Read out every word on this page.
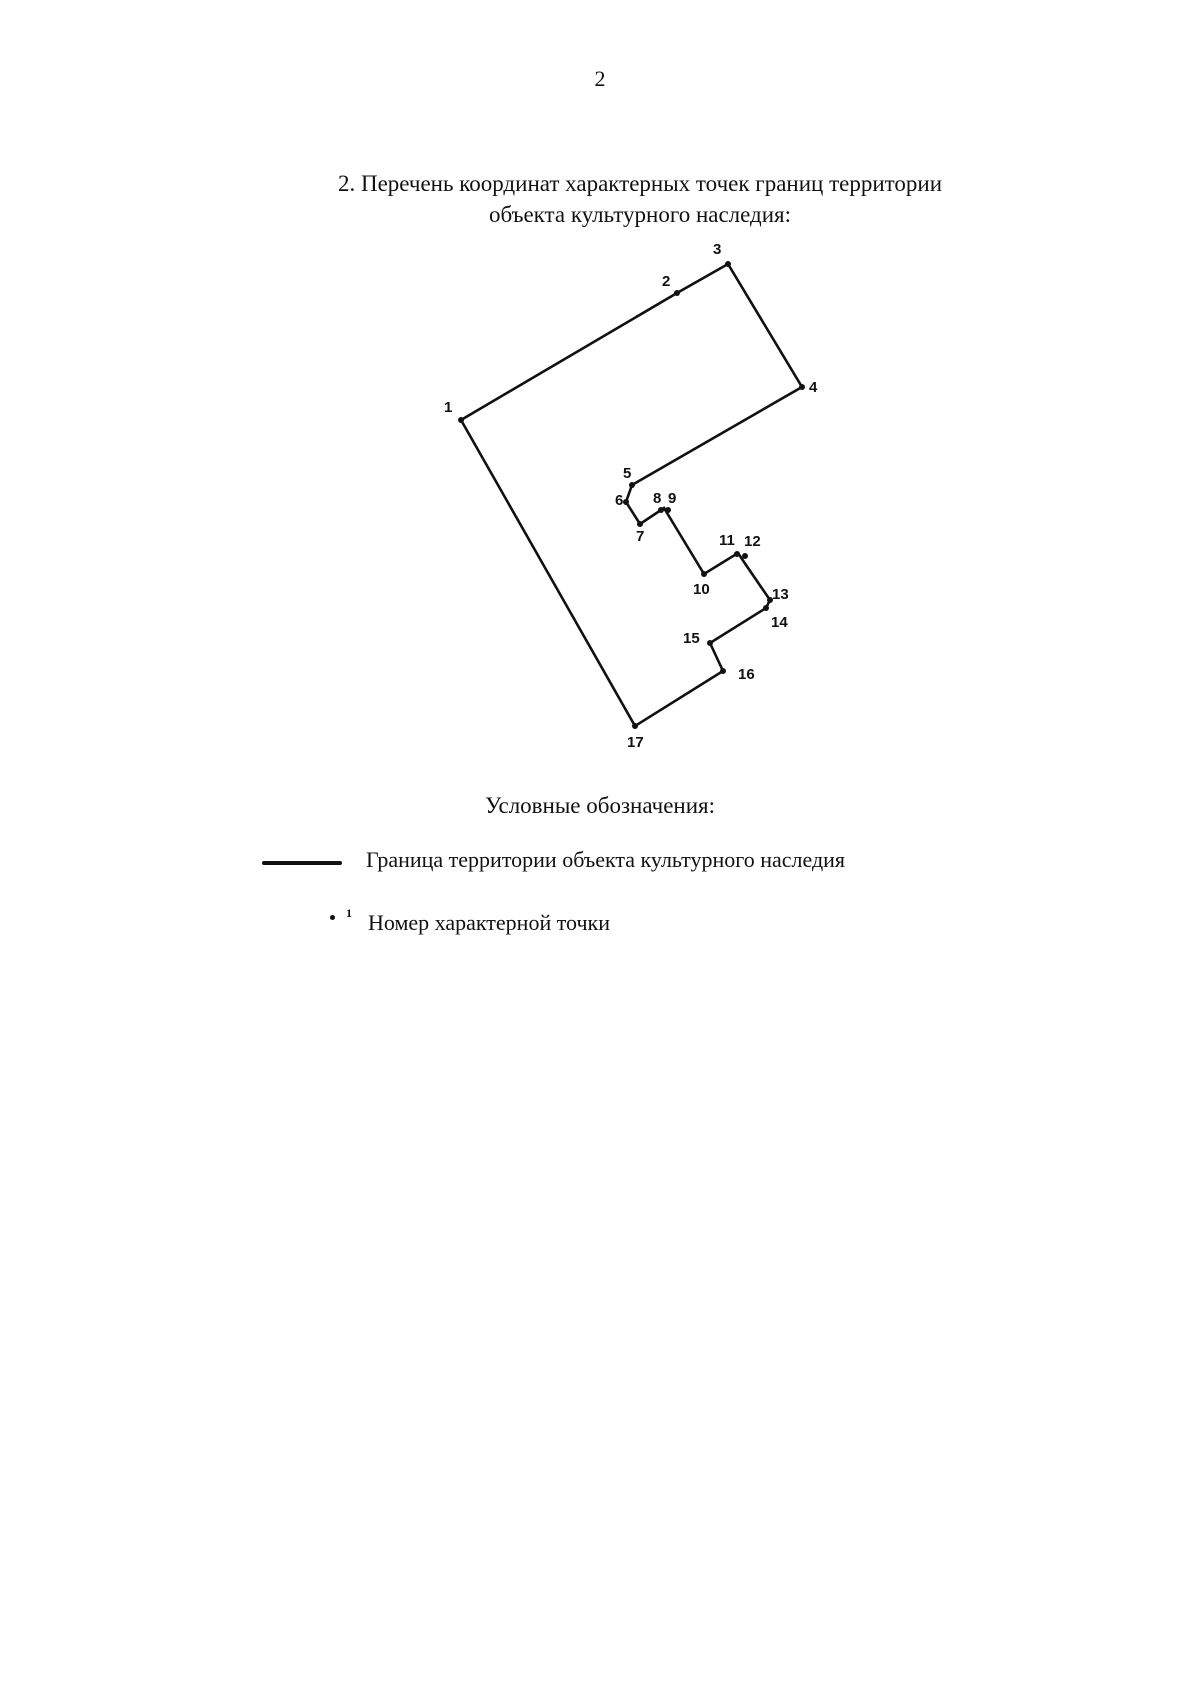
2
2. Перечень координат характерных точек границ территории
объекта культурного наследия:
1
2
3
4
5
6
7
8 9
10
11 12
13
14
15
16
17
Условные обозначения:
Граница территории объекта культурного наследия
1 Номер характерной точки
